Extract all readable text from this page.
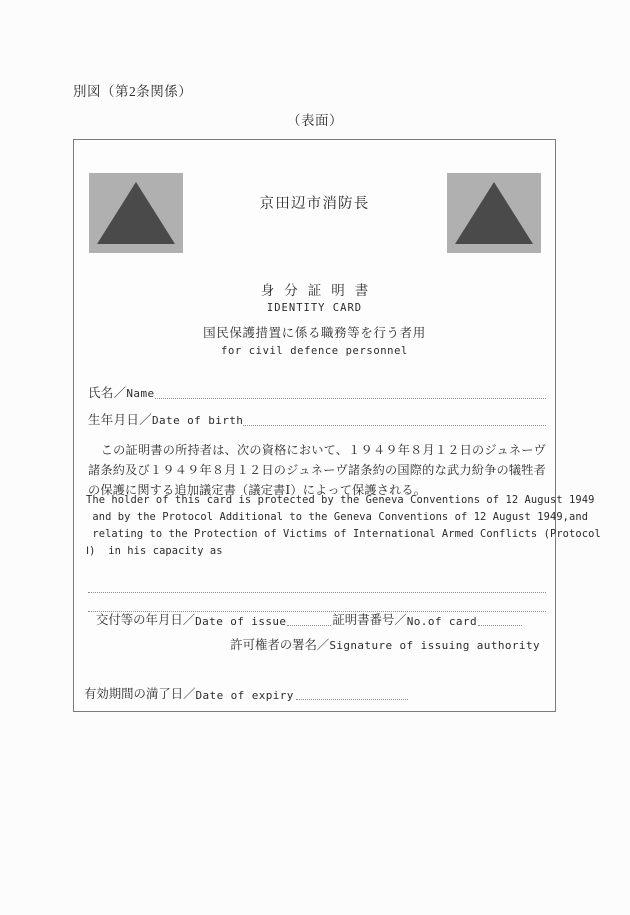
別図（第2条関係）
（表面）
京田辺市消防長
身分証明書
IDENTITY CARD
国民保護措置に係る職務等を行う者用
for civil defence personnel
氏名／Name
生年月日／Date of birth
この証明書の所持者は、次の資格において、１９４９年８月１２日のジュネーヴ諸条約及び１９４９年８月１２日のジュネーヴ諸条約の国際的な武力紛争の犠牲者の保護に関する追加議定書（議定書Ⅰ）によって保護される。
The holder of this card is protected by the Geneva Conventions of 12 August 1949
and by the Protocol Additional to the Geneva Conventions of 12 August 1949,and
relating to the Protection of Victims of International Armed Conflicts (Protocol
Ⅰ)  in his capacity as
交付等の年月日／ Date of issue	証明書番号／ No.of card
許可権者の署名／Signature of issuing authority
有効期間の満了日／ Date of expiry
